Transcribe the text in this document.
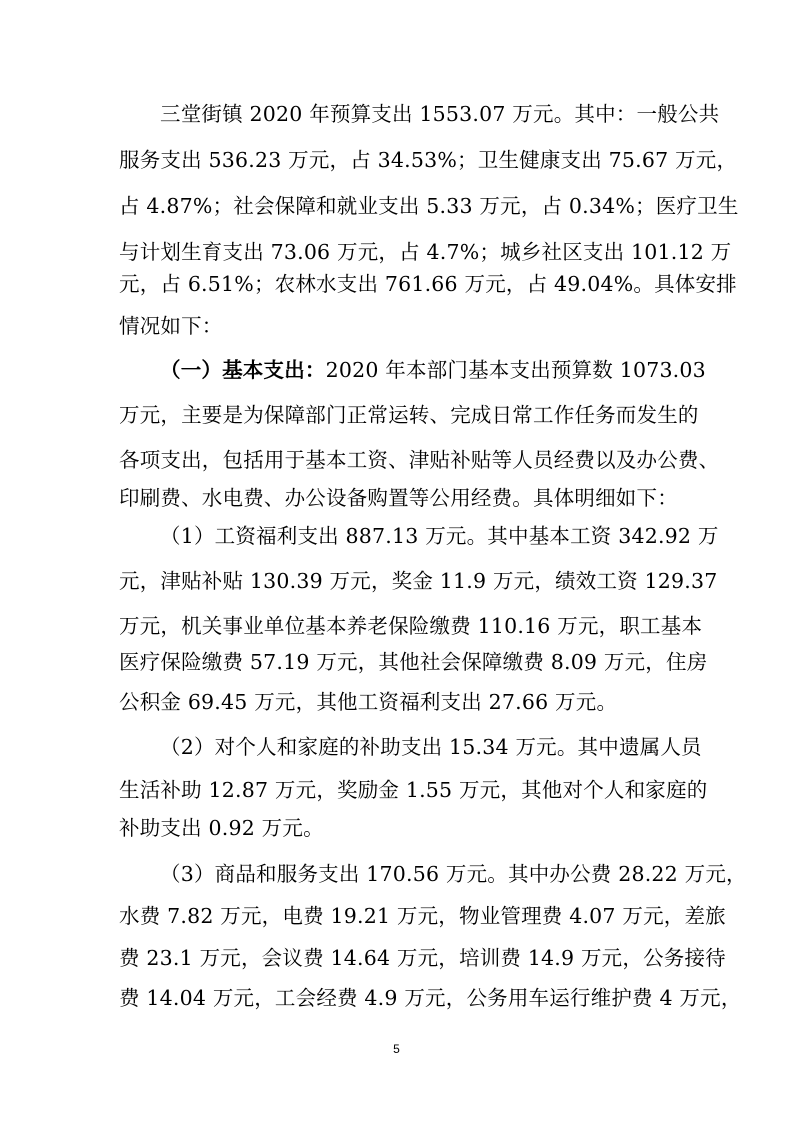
三堂街镇 2020 年预算支出 1553.07 万元。其中：一般公共
服务支出 536.23 万元，占 34.53%；卫生健康支出 75.67 万元，
占 4.87%；社会保障和就业支出 5.33 万元，占 0.34%；医疗卫生
与计划生育支出 73.06 万元，占 4.7%；城乡社区支出 101.12 万
元，占 6.51%；农林水支出 761.66 万元，占 49.04%。具体安排
情况如下：
（一）基本支出：2020 年本部门基本支出预算数 1073.03
万元，主要是为保障部门正常运转、完成日常工作任务而发生的
各项支出，包括用于基本工资、津贴补贴等人员经费以及办公费、
印刷费、水电费、办公设备购置等公用经费。具体明细如下：
（1）工资福利支出 887.13 万元。其中基本工资 342.92 万
元，津贴补贴 130.39 万元，奖金 11.9 万元，绩效工资 129.37
万元，机关事业单位基本养老保险缴费 110.16 万元，职工基本
医疗保险缴费 57.19 万元，其他社会保障缴费 8.09 万元，住房
公积金 69.45 万元，其他工资福利支出 27.66 万元。
（2）对个人和家庭的补助支出 15.34 万元。其中遗属人员
生活补助 12.87 万元，奖励金 1.55 万元，其他对个人和家庭的
补助支出 0.92 万元。
（3）商品和服务支出 170.56 万元。其中办公费 28.22 万元，
水费 7.82 万元，电费 19.21 万元，物业管理费 4.07 万元，差旅
费 23.1 万元，会议费 14.64 万元，培训费 14.9 万元，公务接待
费 14.04 万元，工会经费 4.9 万元，公务用车运行维护费 4 万元，
5
